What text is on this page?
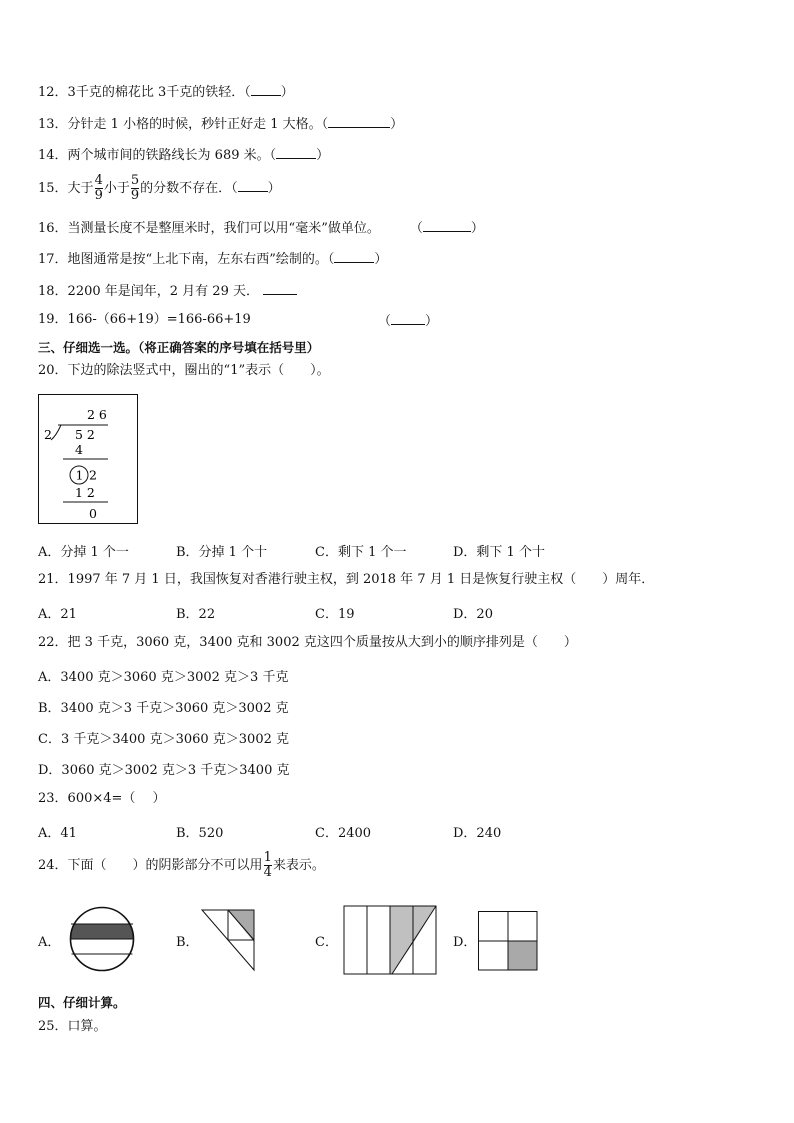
12．3千克的棉花比 3千克的铁轻．（ ）
13．分针走 1 小格的时候，秒针正好走 1 大格。（	）
14．两个城市间的铁路线长为 689 米。（	）
15．大于 $\frac{4}{9}$ 小于 $\frac{5}{9}$ 的分数不存在．（ ）
16．当测量长度不是整厘米时，我们可以用“毫米”做单位。 （	）
17．地图通常是按“上北下南，左东右西”绘制的。（	）
18．2200 年是闰年，2 月有 29 天．
19．166-（66+19）=166-66+19	（	）
三、仔细选一选。（将正确答案的序号填在括号里）
20．下边的除法竖式中，圈出的“1”表示（　　）。
2 6
2 5 2
4
1 2
1 2
0
A．分掉 1 个一	B．分掉 1 个十	C．剩下 1 个一	D．剩下 1 个十
21．1997 年 7 月 1 日，我国恢复对香港行驶主权，到 2018 年 7 月 1 日是恢复行驶主权（　　）周年．
A．21	B．22	C．19	D．20
22．把 3 千克，3060 克，3400 克和 3002 克这四个质量按从大到小的顺序排列是（　　）
A．3400 克＞3060 克＞3002 克＞3 千克
B．3400 克＞3 千克＞3060 克＞3002 克
C．3 千克＞3400 克＞3060 克＞3002 克
D．3060 克＞3002 克＞3 千克＞3400 克
23．600×4=（　 ）
A．41	B．520	C．2400	D．240
24．下面（　　）的阴影部分不可以用 $\frac{1}{4}$ 来表示。
A．	B．	C．	D．
四、仔细计算。
25．口算。
